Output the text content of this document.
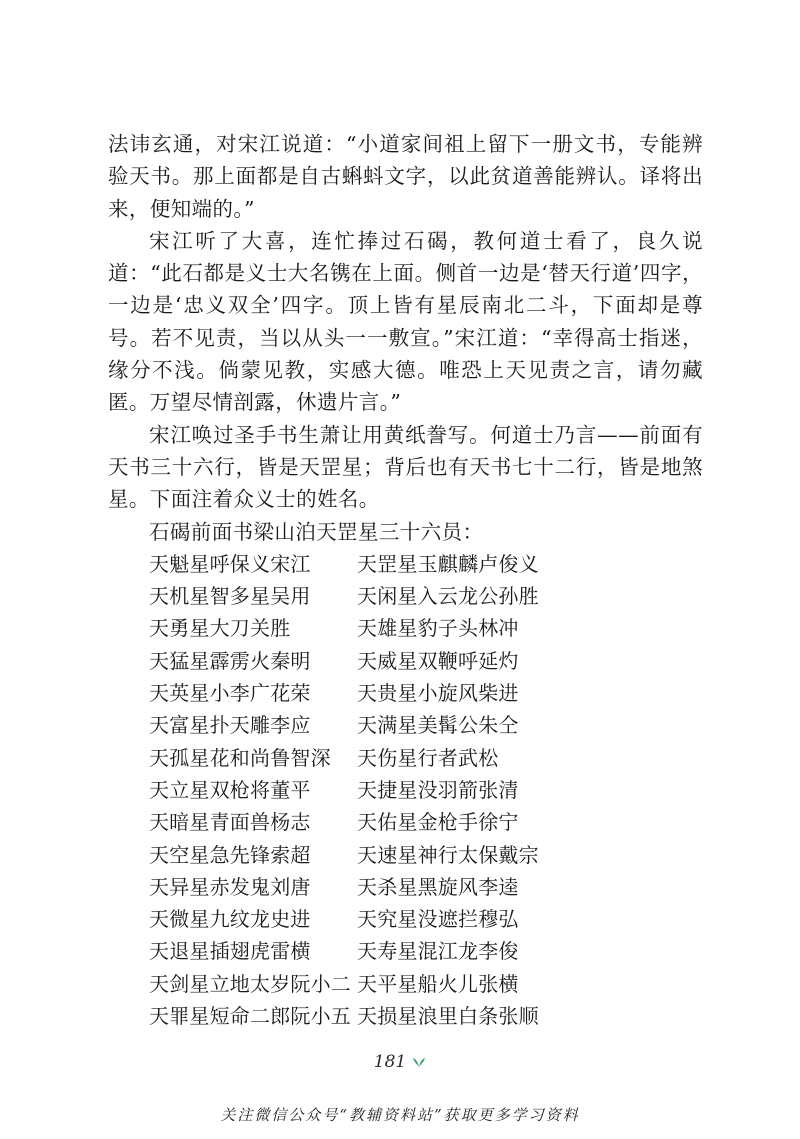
法讳玄通，对宋江说道：“小道家间祖上留下一册文书，专能辨验天书。那上面都是自古蝌蚪文字，以此贫道善能辨认。译将出来，便知端的。”

宋江听了大喜，连忙捧过石碣，教何道士看了，良久说道：“此石都是义士大名镌在上面。侧首一边是‘替天行道’四字，一边是‘忠义双全’四字。顶上皆有星辰南北二斗，下面却是尊号。若不见责，当以从头一一敷宣。”宋江道：“幸得高士指迷，缘分不浅。倘蒙见教，实感大德。唯恐上天见责之言，请勿藏匿。万望尽情剖露，休遗片言。”

宋江唤过圣手书生萧让用黄纸誊写。何道士乃言——前面有天书三十六行，皆是天罡星；背后也有天书七十二行，皆是地煞星。下面注着众义士的姓名。

石碣前面书梁山泊天罡星三十六员：

天魁星呼保义宋江	天罡星玉麒麟卢俊义
天机星智多星吴用	天闲星入云龙公孙胜
天勇星大刀关胜	天雄星豹子头林冲
天猛星霹雳火秦明	天威星双鞭呼延灼
天英星小李广花荣	天贵星小旋风柴进
天富星扑天雕李应	天满星美髯公朱仝
天孤星花和尚鲁智深	天伤星行者武松
天立星双枪将董平	天捷星没羽箭张清
天暗星青面兽杨志	天佑星金枪手徐宁
天空星急先锋索超	天速星神行太保戴宗
天异星赤发鬼刘唐	天杀星黑旋风李逵
天微星九纹龙史进	天究星没遮拦穆弘
天退星插翅虎雷横	天寿星混江龙李俊
天剑星立地太岁阮小二 天平星船火儿张横
天罪星短命二郎阮小五 天损星浪里白条张顺
181
关注微信公众号“教辅资料站”获取更多学习资料
